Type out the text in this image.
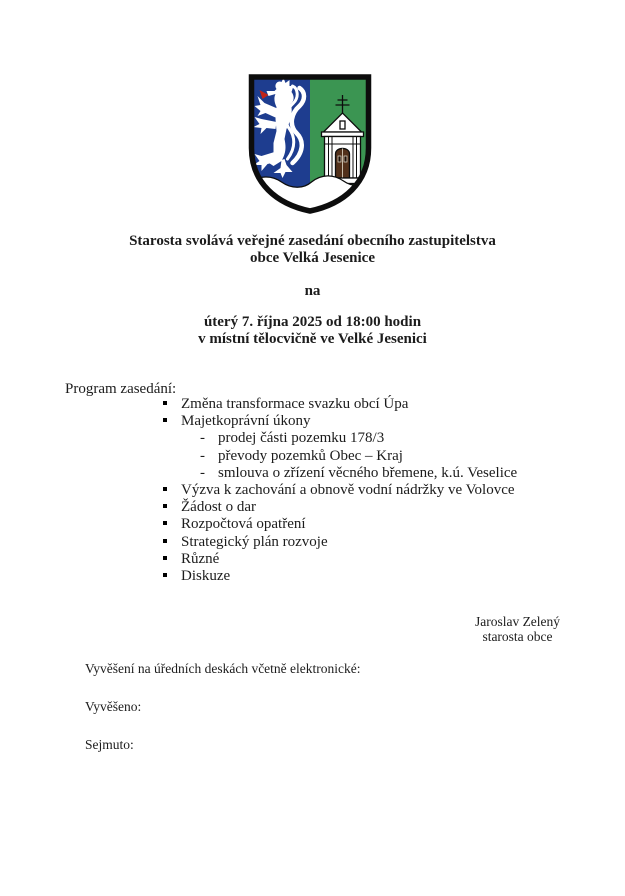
Starosta svolává veřejné zasedání obecního zastupitelstva
obce Velká Jesenice
na
úterý 7. října 2025 od 18:00 hodin
v místní tělocvičně ve Velké Jesenici
Program zasedání:
Změna transformace svazku obcí Úpa
Majetkoprávní úkony
- prodej části pozemku 178/3
- převody pozemků Obec – Kraj
- smlouva o zřízení věcného břemene, k.ú. Veselice
Výzva k zachování a obnově vodní nádržky ve Volovce
Žádost o dar
Rozpočtová opatření
Strategický plán rozvoje
Různé
Diskuze
Jaroslav Zelený
starosta obce
Vyvěšení na úředních deskách včetně elektronické:
Vyvěšeno:
Sejmuto:
